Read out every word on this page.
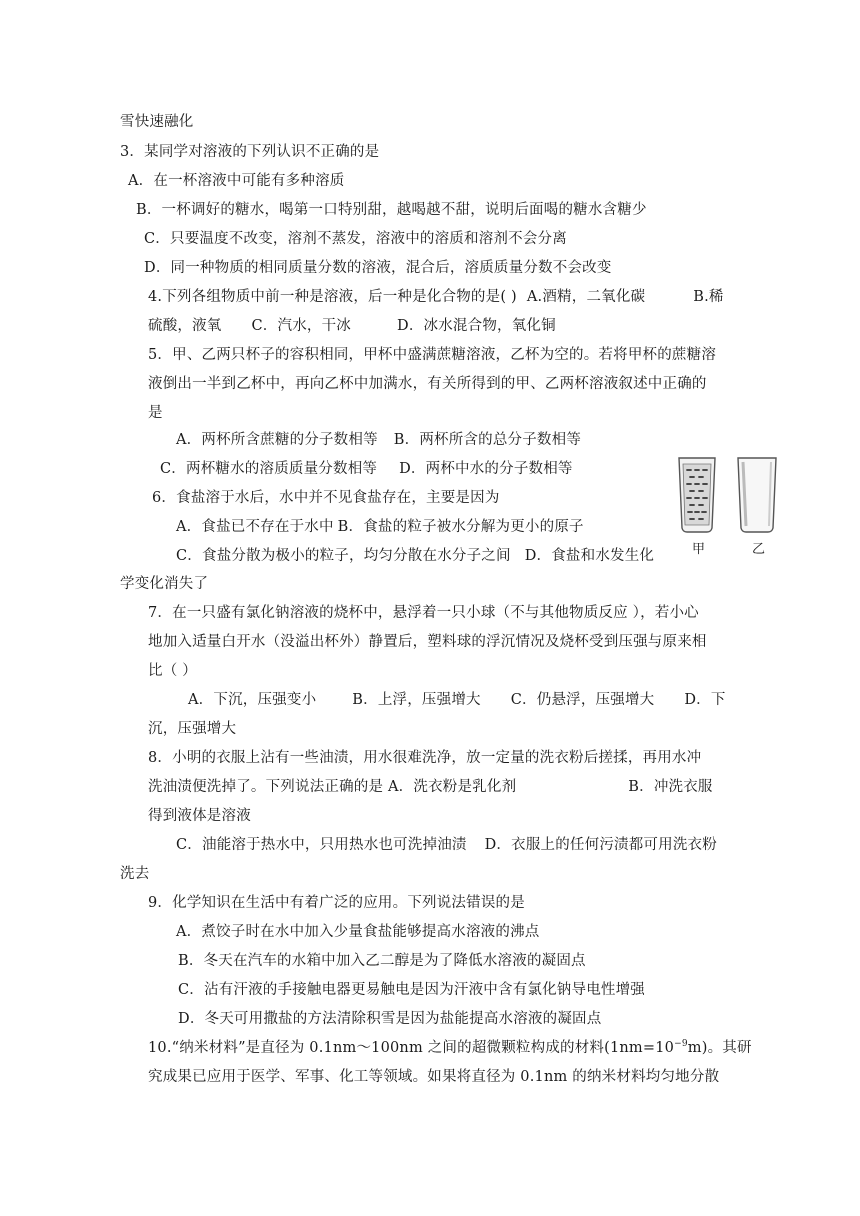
雪快速融化
3．某同学对溶液的下列认识不正确的是
A．在一杯溶液中可能有多种溶质
B．一杯调好的糖水，喝第一口特别甜，越喝越不甜，说明后面喝的糖水含糖少
C．只要温度不改变，溶剂不蒸发，溶液中的溶质和溶剂不会分离
D．同一种物质的相同质量分数的溶液，混合后，溶质质量分数不会改变
4.下列各组物质中前一种是溶液，后一种是化合物的是( ) A.酒精，二氧化碳	B.稀
硫酸，液氧 C．汽水，干冰	D．冰水混合物，氧化铜
5．甲、乙两只杯子的容积相同，甲杯中盛满蔗糖溶液，乙杯为空的。若将甲杯的蔗糖溶
液倒出一半到乙杯中，再向乙杯中加满水，有关所得到的甲、乙两杯溶液叙述中正确的
是
A．两杯所含蔗糖的分子数相等 B．两杯所含的总分子数相等
C．两杯糖水的溶质质量分数相等 D．两杯中水的分子数相等
6．食盐溶于水后，水中并不见食盐存在，主要是因为
A．食盐已不存在于水中 B．食盐的粒子被水分解为更小的原子
C．食盐分散为极小的粒子，均匀分散在水分子之间 D．食盐和水发生化
学变化消失了
甲	乙
7．在一只盛有氯化钠溶液的烧杯中，悬浮着一只小球（不与其他物质反应 ），若小心
地加入适量白开水（没溢出杯外）静置后，塑料球的浮沉情况及烧杯受到压强与原来相
比（ ）
A．下沉，压强变小 B．上浮，压强增大 C．仍悬浮，压强增大 D．下
沉，压强增大
8．小明的衣服上沾有一些油渍，用水很难洗净，放一定量的洗衣粉后搓揉，再用水冲
洗油渍便洗掉了。下列说法正确的是 A．洗衣粉是乳化剂	B．冲洗衣服
得到液体是溶液
C．油能溶于热水中，只用热水也可洗掉油渍 D．衣服上的任何污渍都可用洗衣粉
洗去
9．化学知识在生活中有着广泛的应用。下列说法错误的是
A．煮饺子时在水中加入少量食盐能够提高水溶液的沸点
B．冬天在汽车的水箱中加入乙二醇是为了降低水溶液的凝固点
C．沾有汗液的手接触电器更易触电是因为汗液中含有氯化钠导电性增强
D．冬天可用撒盐的方法清除积雪是因为盐能提高水溶液的凝固点
10.“纳米材料”是直径为 0.1nm～100nm 之间的超微颗粒构成的材料$(1nm=10^{-9}m)$。其研
究成果已应用于医学、军事、化工等领域。如果将直径为 0.1nm 的纳米材料均匀地分散
